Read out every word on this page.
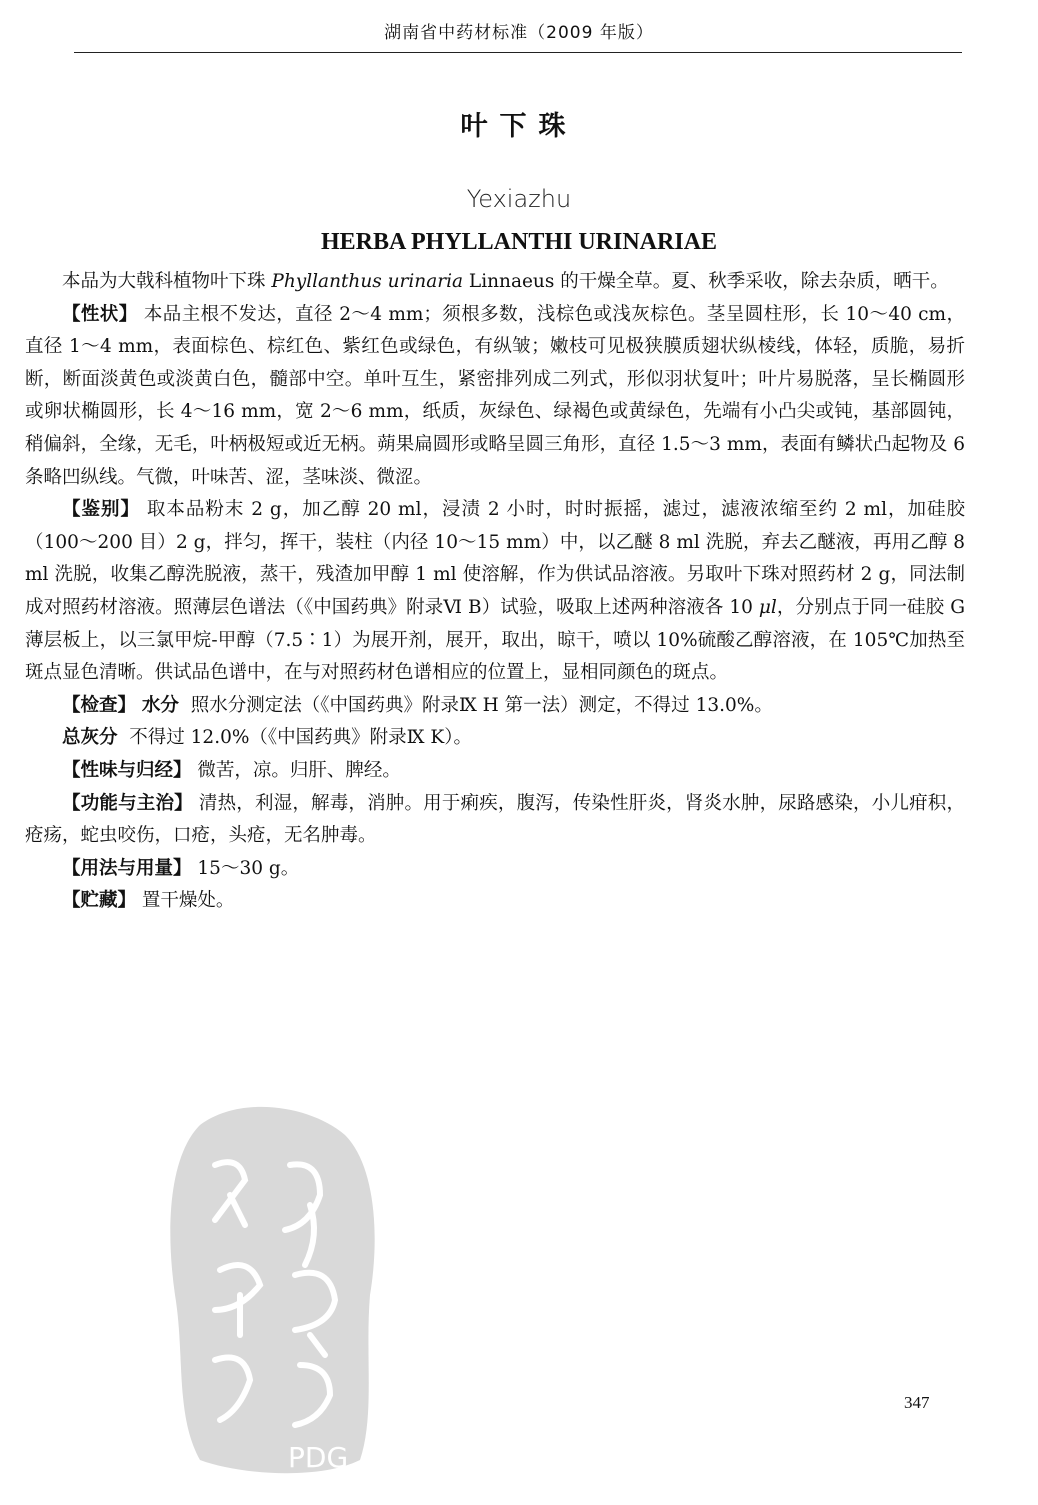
湖南省中药材标准（2009 年版）
叶下珠
Yexiazhu
HERBA PHYLLANTHI URINARIAE

本品为大戟科植物叶下珠 Phyllanthus urinaria Linnaeus 的干燥全草。夏、秋季采收，除去杂质，晒干。

【性状】 本品主根不发达，直径 2～4 mm；须根多数，浅棕色或浅灰棕色。茎呈圆柱形，长 10～40 cm，直径 1～4 mm，表面棕色、棕红色、紫红色或绿色，有纵皱；嫩枝可见极狭膜质翅状纵棱线，体轻，质脆，易折断，断面淡黄色或淡黄白色，髓部中空。单叶互生，紧密排列成二列式，形似羽状复叶；叶片易脱落，呈长椭圆形或卵状椭圆形，长 4～16 mm，宽 2～6 mm，纸质，灰绿色、绿褐色或黄绿色，先端有小凸尖或钝，基部圆钝，稍偏斜，全缘，无毛，叶柄极短或近无柄。蒴果扁圆形或略呈圆三角形，直径 1.5～3 mm，表面有鳞状凸起物及 6 条略凹纵线。气微，叶味苦、涩，茎味淡、微涩。

【鉴别】 取本品粉末 2 g，加乙醇 20 ml，浸渍 2 小时，时时振摇，滤过，滤液浓缩至约 2 ml，加硅胶（100～200 目）2 g，拌匀，挥干，装柱（内径 10～15 mm）中，以乙醚 8 ml 洗脱，弃去乙醚液，再用乙醇 8 ml 洗脱，收集乙醇洗脱液，蒸干，残渣加甲醇 1 ml 使溶解，作为供试品溶液。另取叶下珠对照药材 2 g，同法制成对照药材溶液。照薄层色谱法（《中国药典》附录Ⅵ B）试验，吸取上述两种溶液各 10 μl，分别点于同一硅胶 G 薄层板上，以三氯甲烷-甲醇（7.5∶1）为展开剂，展开，取出，晾干，喷以 10%硫酸乙醇溶液，在 105℃加热至斑点显色清晰。供试品色谱中，在与对照药材色谱相应的位置上，显相同颜色的斑点。

【检查】 水分 照水分测定法（《中国药典》附录Ⅸ H 第一法）测定，不得过 13.0%。

总灰分 不得过 12.0%（《中国药典》附录Ⅸ K）。

【性味与归经】 微苦，凉。归肝、脾经。

【功能与主治】 清热，利湿，解毒，消肿。用于痢疾，腹泻，传染性肝炎，肾炎水肿，尿路感染，小儿疳积，疮疡，蛇虫咬伤，口疮，头疮，无名肿毒。

【用法与用量】 15～30 g。

【贮藏】 置干燥处。

PDG
347
